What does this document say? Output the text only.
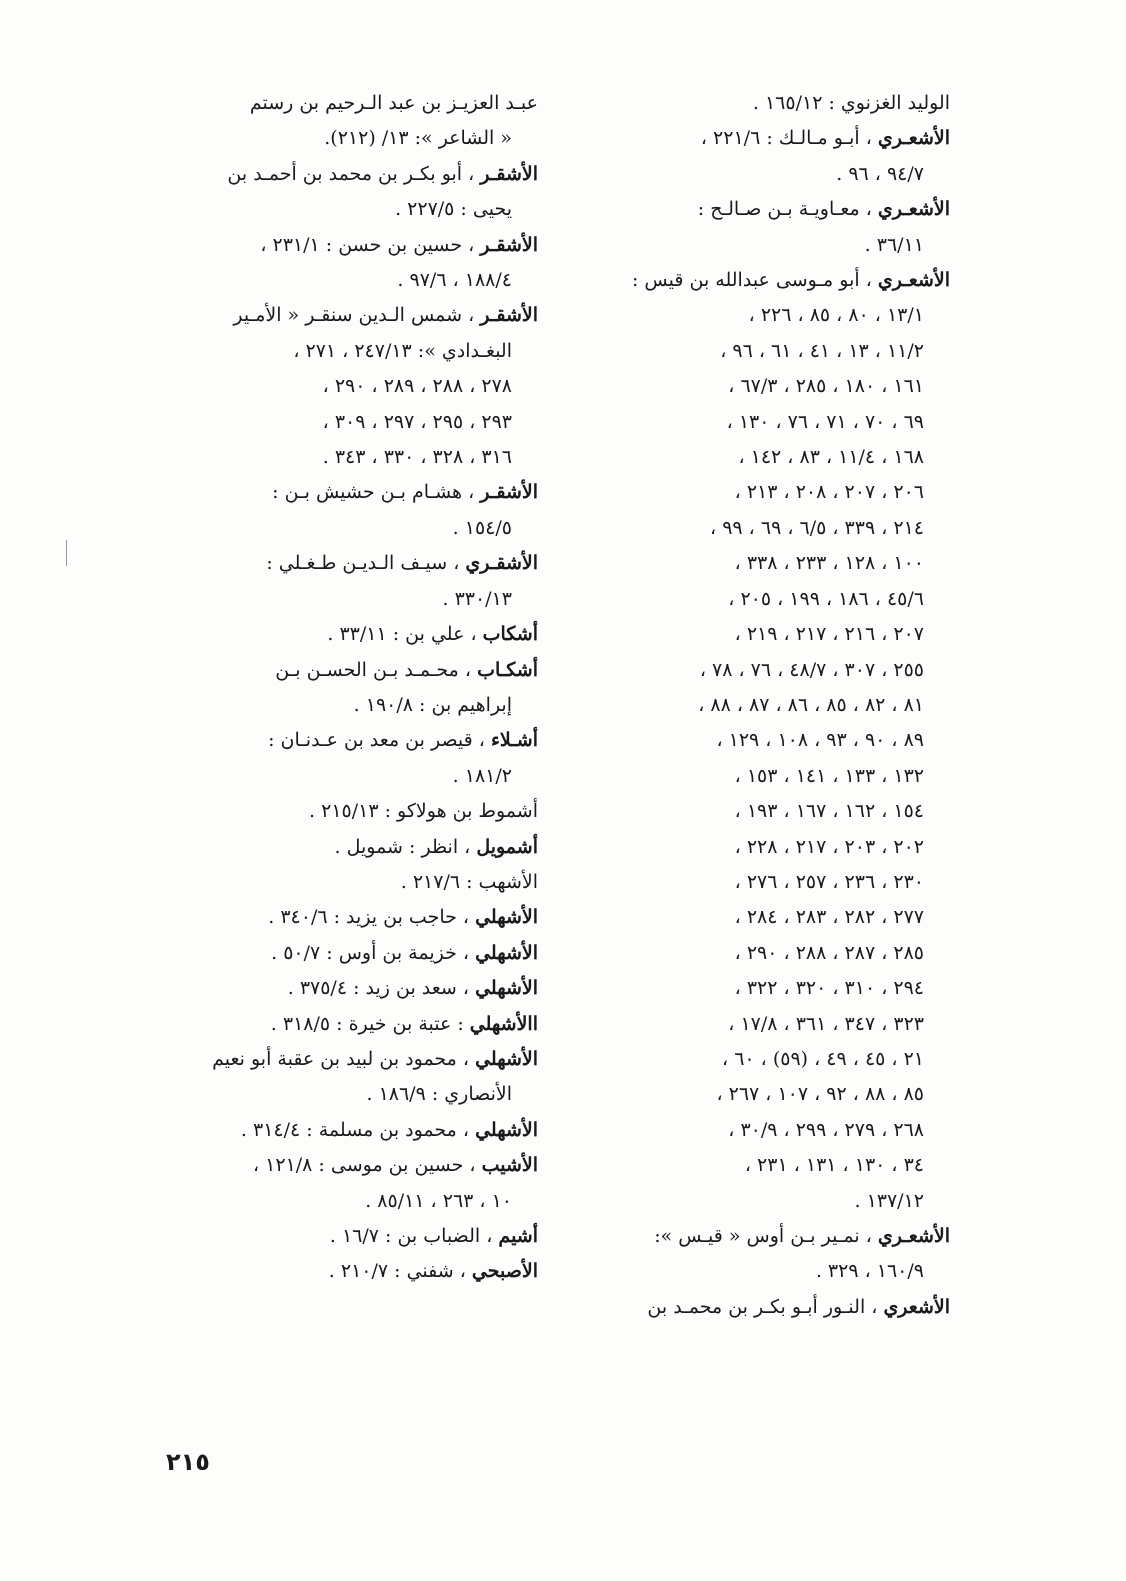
الوليد الغزنوي : ١٦٥/١٢ .
الأشعـري ، أبـو مـالـك : ٢٢١/٦ ،
٩٤/٧ ، ٩٦ .
الأشعـري ، معـاويـة بـن صـالـح :
٣٦/١١ .
الأشعـري ، أبو مـوسى عبدالله بن قيس :
١٣/١ ، ٨٠ ، ٨٥ ، ٢٢٦ ،
١١/٢ ، ١٣ ، ٤١ ، ٦١ ، ٩٦ ،
١٦١ ، ١٨٠ ، ٢٨٥ ، ٦٧/٣ ،
٦٩ ، ٧٠ ، ٧١ ، ٧٦ ، ١٣٠ ،
١٦٨ ، ١١/٤ ، ٨٣ ، ١٤٢ ،
٢٠٦ ، ٢٠٧ ، ٢٠٨ ، ٢١٣ ،
٢١٤ ، ٣٣٩ ، ٦/٥ ، ٦٩ ، ٩٩ ،
١٠٠ ، ١٢٨ ، ٢٣٣ ، ٣٣٨ ،
٤٥/٦ ، ١٨٦ ، ١٩٩ ، ٢٠٥ ،
٢٠٧ ، ٢١٦ ، ٢١٧ ، ٢١٩ ،
٢٥٥ ، ٣٠٧ ، ٤٨/٧ ، ٧٦ ، ٧٨ ،
٨١ ، ٨٢ ، ٨٥ ، ٨٦ ، ٨٧ ، ٨٨ ،
٨٩ ، ٩٠ ، ٩٣ ، ١٠٨ ، ١٢٩ ،
١٣٢ ، ١٣٣ ، ١٤١ ، ١٥٣ ،
١٥٤ ، ١٦٢ ، ١٦٧ ، ١٩٣ ،
٢٠٢ ، ٢٠٣ ، ٢١٧ ، ٢٢٨ ،
٢٣٠ ، ٢٣٦ ، ٢٥٧ ، ٢٧٦ ،
٢٧٧ ، ٢٨٢ ، ٢٨٣ ، ٢٨٤ ،
٢٨٥ ، ٢٨٧ ، ٢٨٨ ، ٢٩٠ ،
٢٩٤ ، ٣١٠ ، ٣٢٠ ، ٣٢٢ ،
٣٢٣ ، ٣٤٧ ، ٣٦١ ، ١٧/٨ ،
٢١ ، ٤٥ ، ٤٩ ، (٥٩) ، ٦٠ ،
٨٥ ، ٨٨ ، ٩٢ ، ١٠٧ ، ٢٦٧ ،
٢٦٨ ، ٢٧٩ ، ٢٩٩ ، ٣٠/٩ ،
٣٤ ، ١٣٠ ، ١٣١ ، ٢٣١ ،
١٣٧/١٢ .
الأشعـري ، نمـير بـن أوس « قيـس »:
١٦٠/٩ ، ٣٢٩ .
الأشعري ، النـور أبـو بكـر بن محمـد بن
عبـد العزيـز بن عبد الـرحيم بن رستم
« الشاعر »: ١٣/ (٢١٢).
الأشقـر ، أبو بكـر بن محمد بن أحمـد بن
يحيى : ٢٢٧/٥ .
الأشقـر ، حسين بن حسن : ٢٣١/١ ،
١٨٨/٤ ، ٩٧/٦ .
الأشقـر ، شمس الـدين سنقـر « الأمـير
البغـدادي »: ٢٤٧/١٣ ، ٢٧١ ،
٢٧٨ ، ٢٨٨ ، ٢٨٩ ، ٢٩٠ ،
٢٩٣ ، ٢٩٥ ، ٢٩٧ ، ٣٠٩ ،
٣١٦ ، ٣٢٨ ، ٣٣٠ ، ٣٤٣ .
الأشقـر ، هشـام بـن حشيش بـن :
١٥٤/٥ .
الأشقـري ، سيـف الـديـن طـغـلي :
٣٣٠/١٣ .
أشكاب ، علي بن : ٣٣/١١ .
أشكـاب ، محـمـد بـن الحسـن بـن
إبراهيم بن : ١٩٠/٨ .
أشـلاء ، قيصر بن معد بن عـدنـان :
١٨١/٢ .
أشموط بن هولاكو : ٢١٥/١٣ .
أشمويل ، انظر : شمويل .
الأشهب : ٢١٧/٦ .
الأشهلي ، حاجب بن يزيد : ٣٤٠/٦ .
الأشهلي ، خزيمة بن أوس : ٥٠/٧ .
الأشهلي ، سعد بن زيد : ٣٧٥/٤ .
االأشهلي : عتبة بن خيرة : ٣١٨/٥ .
الأشهلي ، محمود بن لبيد بن عقبة أبو نعيم
الأنصاري : ١٨٦/٩ .
الأشهلي ، محمود بن مسلمة : ٣١٤/٤ .
الأشيب ، حسين بن موسى : ١٢١/٨ ،
١٠ ، ٢٦٣ ، ٨٥/١١ .
أشيم ، الضباب بن : ١٦/٧ .
الأصبحي ، شفني : ٢١٠/٧ .
٢١٥
